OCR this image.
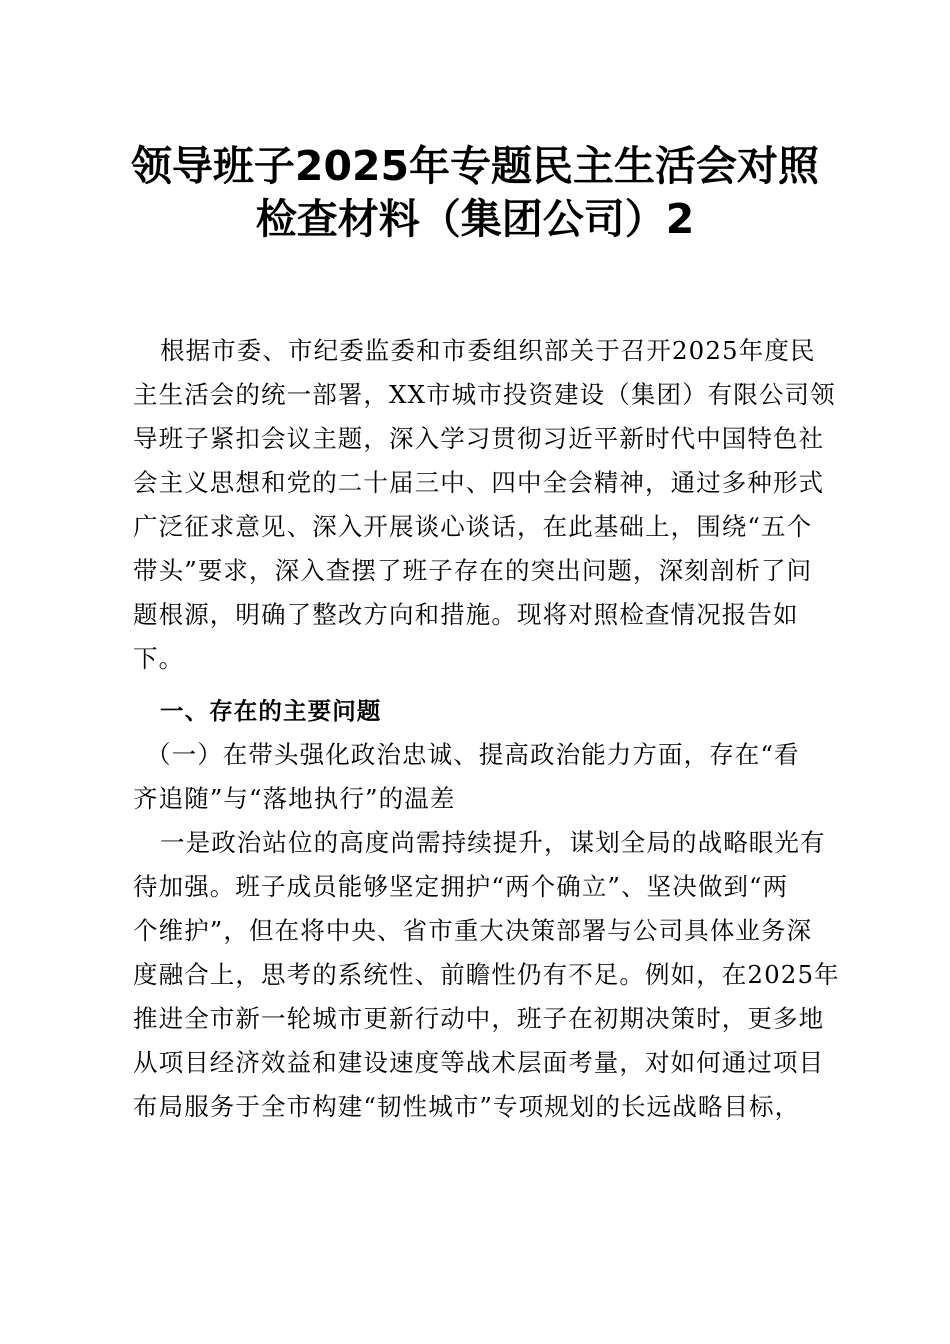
领导班子2025年专题民主生活会对照
检查材料（集团公司）2
根据市委、市纪委监委和市委组织部关于召开2025年度民
主生活会的统一部署，XX市城市投资建设（集团）有限公司领
导班子紧扣会议主题，深入学习贯彻习近平新时代中国特色社
会主义思想和党的二十届三中、四中全会精神，通过多种形式
广泛征求意见、深入开展谈心谈话，在此基础上，围绕“五个
带头”要求，深入查摆了班子存在的突出问题，深刻剖析了问
题根源，明确了整改方向和措施。现将对照检查情况报告如
下。
一、存在的主要问题
（一）在带头强化政治忠诚、提高政治能力方面，存在“看
齐追随”与“落地执行”的温差
一是政治站位的高度尚需持续提升，谋划全局的战略眼光有
待加强。班子成员能够坚定拥护“两个确立”、坚决做到“两
个维护”，但在将中央、省市重大决策部署与公司具体业务深
度融合上，思考的系统性、前瞻性仍有不足。例如，在2025年
推进全市新一轮城市更新行动中，班子在初期决策时，更多地
从项目经济效益和建设速度等战术层面考量，对如何通过项目
布局服务于全市构建“韧性城市”专项规划的长远战略目标，
